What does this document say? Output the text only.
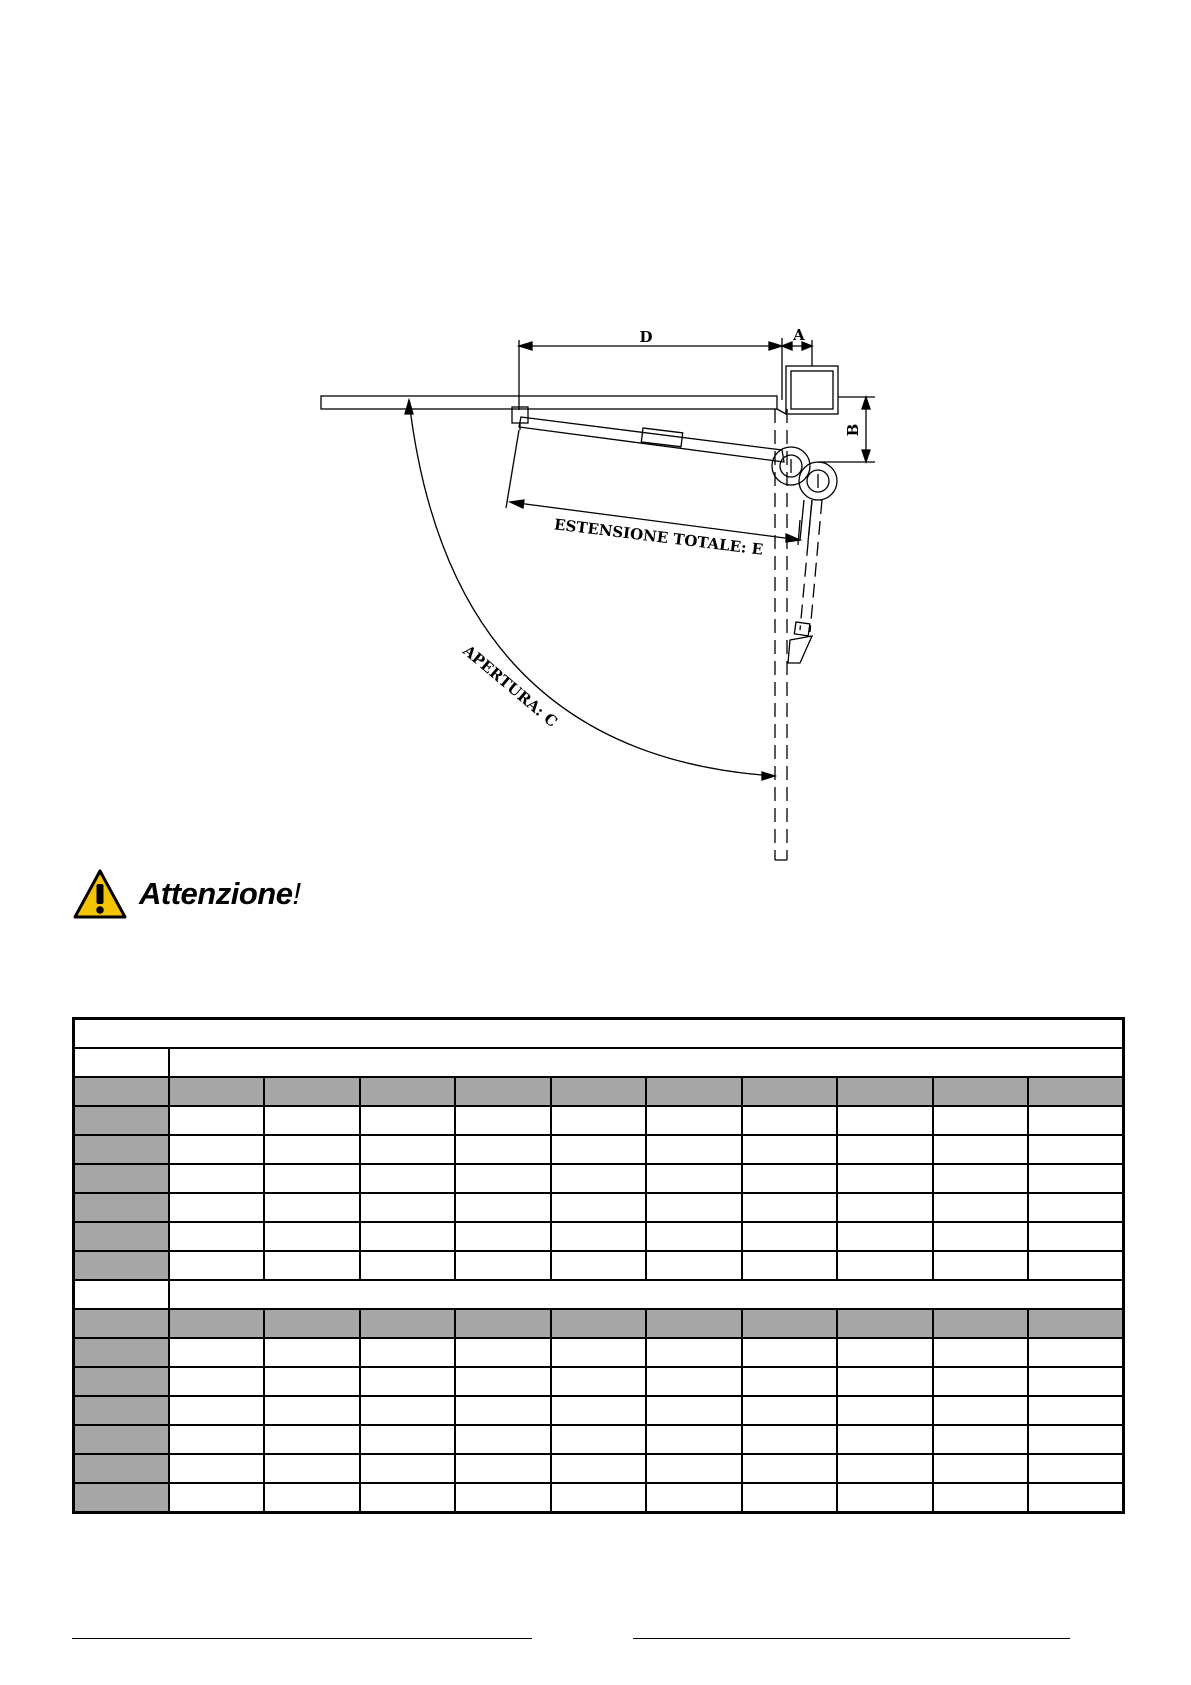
D	A
B
ESTENSIONE TOTALE: E
APERTURA: C
Attenzione!
